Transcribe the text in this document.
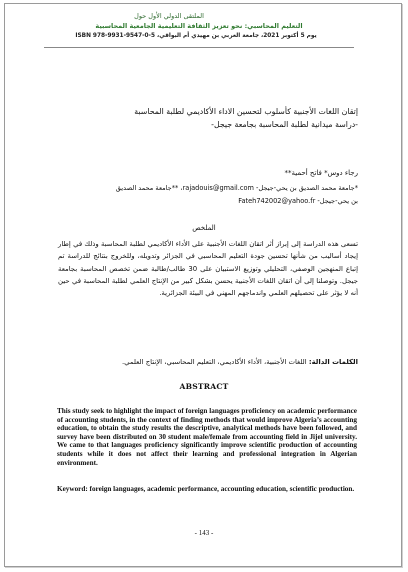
الملتقى الدولي الأول حول
التعليم المحاسبي: نحو تعزيز الثقافة التعليمية الجامعية المحاسبية
يوم 5 أكتوبر 2021، جامعة العربي بن مهيدي أم البواقي، ISBN 978-9931-9547-0-5
إتقان اللغات الأجنبية كأسلوب لتحسين الاداء الأكاديمي لطلبة المحاسبة
-دراسة ميدانية لطلبة المحاسبة بجامعة جيجل-
رجاء دوس* فاتح أحمية**
*جامعة محمد الصديق بن يحي-جيجل- rajadouis@gmail.com، **جامعة محمد الصديق
بن يحي-جيجل- Fateh742002@yahoo.fr
الملخص
تسعى هذه الدراسة إلى إبراز أثر اتقان اللغات الأجنبية على الأداء الأكاديمي لطلبة المحاسبة وذلك في إطار إيجاد أساليب من شأنها تحسين جودة التعليم المحاسبي في الجزائر وتدويله، وللخروج بنتائج للدراسة تم إتباع المنهجين الوصفي، التحليلي وتوزيع الاستبيان على 30 طالب/طالبة ضمن تخصص المحاسبة بجامعة جيجل. وتوصلنا إلى أن اتقان اللغات الأجنبية يحسن بشكل كبير من الإنتاج العلمي لطلبة المحاسبة في حين أنه لا يؤثر على تحصيلهم العلمي واندماجهم المهني في البيئة الجزائرية.
الكلمات الدالة: اللغات الأجنبية، الأداء الأكاديمي، التعليم المحاسبي، الإنتاج العلمي.
ABSTRACT
This study seek to highlight the impact of foreign languages proficiency on academic performance of accounting students, in the context of finding methods that would improve Algeria’s accounting education, to obtain the study results the descriptive, analytical methods have been followed, and survey have been distributed on 30 student male/female from accounting field in Jijel university. We came to that languages proficiency significantly improve scientific production of accounting students while it does not affect their learning and professional integration in Algerian environment.
Keyword: foreign languages, academic performance, accounting education, scientific production.
- 143 -
